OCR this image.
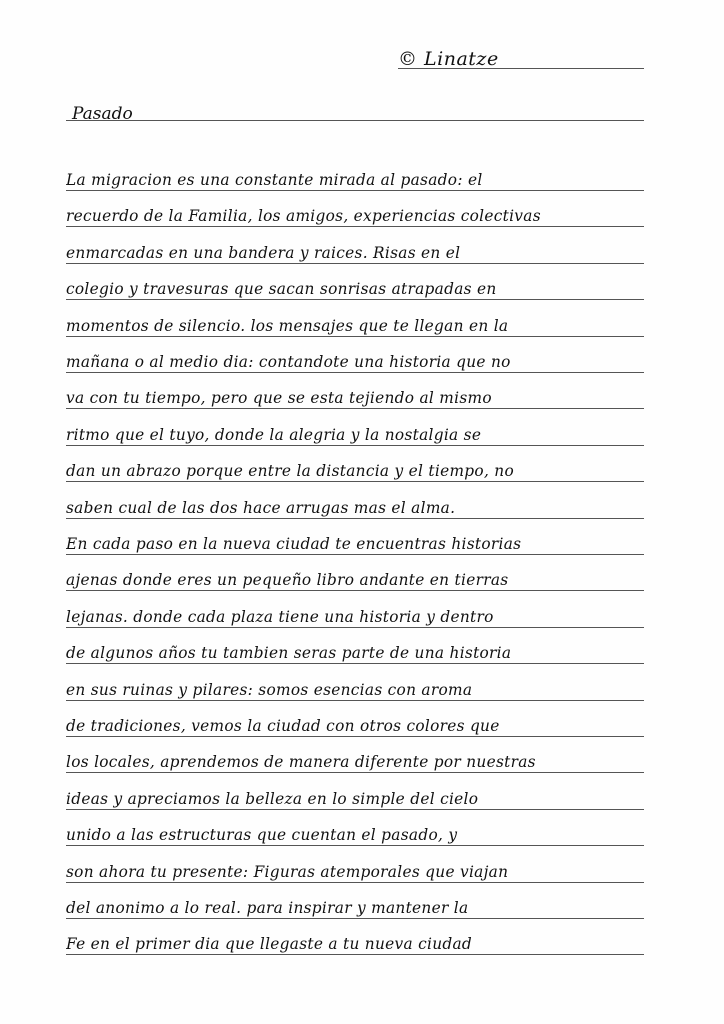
© Linatze
Pasado
La migracion es una constante mirada al pasado: el
recuerdo de la Familia, los amigos, experiencias colectivas
enmarcadas en una bandera y raices. Risas en el
colegio y travesuras que sacan sonrisas atrapadas en
momentos de silencio. los mensajes que te llegan en la
mañana o al medio dia: contandote una historia que no
va con tu tiempo, pero que se esta tejiendo al mismo
ritmo que el tuyo, donde la alegria y la nostalgia se
dan un abrazo porque entre la distancia y el tiempo, no
saben cual de las dos hace arrugas mas el alma.
En cada paso en la nueva ciudad te encuentras historias
ajenas donde eres un pequeño libro andante en tierras
lejanas. donde cada plaza tiene una historia y dentro
de algunos años tu tambien seras parte de una historia
en sus ruinas y pilares: somos esencias con aroma
de tradiciones, vemos la ciudad con otros colores que
los locales, aprendemos de manera diferente por nuestras
ideas y apreciamos la belleza en lo simple del cielo
unido a las estructuras que cuentan el pasado, y
son ahora tu presente: Figuras atemporales que viajan
del anonimo a lo real. para inspirar y mantener la
Fe en el primer dia que llegaste a tu nueva ciudad
